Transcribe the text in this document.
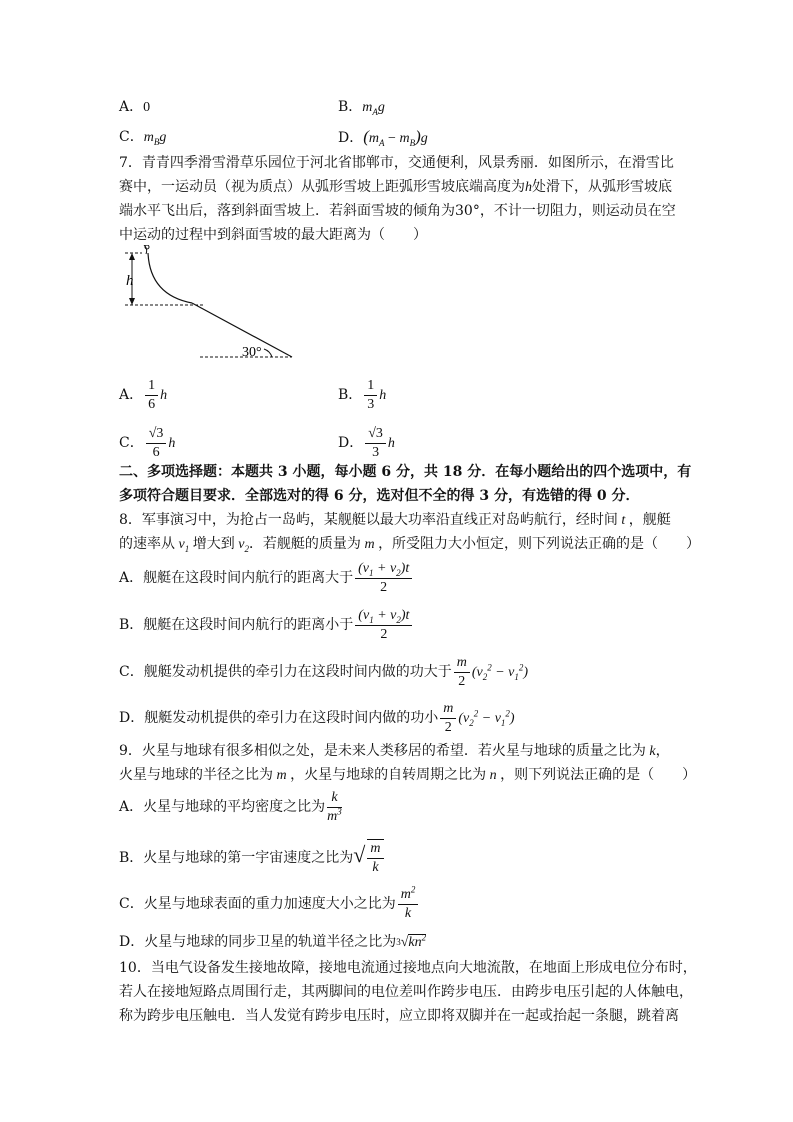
A．0	B．$m_Ag$
C．$m_Bg$	D．$(m_A - m_B)g$
7．青青四季滑雪滑草乐园位于河北省邯郸市，交通便利，风景秀丽．如图所示，在滑雪比
赛中，一运动员（视为质点）从弧形雪坡上距弧形雪坡底端高度为h处滑下，从弧形雪坡底
端水平飞出后，落到斜面雪坡上．若斜面雪坡的倾角为30°，不计一切阻力，则运动员在空
中运动的过程中到斜面雪坡的最大距离为（　　）
h
30°
A． $\frac{1}{6}$ h	B． $\frac{1}{3}$ h
C． $\frac{√3}{6}$ h	D． $\frac{√3}{3}$ h
二、多项选择题：本题共 3 小题，每小题 6 分，共 18 分．在每小题给出的四个选项中，有
多项符合题目要求．全部选对的得 6 分，选对但不全的得 3 分，有选错的得 0 分．
8．军事演习中，为抢占一岛屿，某舰艇以最大功率沿直线正对岛屿航行，经时间 t ，舰艇
的速率从 $v_1$ 增大到 $v_2$．若舰艇的质量为 m ，所受阻力大小恒定，则下列说法正确的是（　　）
A．舰艇在这段时间内航行的距离大于 $\frac{(v_1 + v_2)t}{2}$
B．舰艇在这段时间内航行的距离小于 $\frac{(v_1 + v_2)t}{2}$
C．舰艇发动机提供的牵引力在这段时间内做的功大于 $\frac{m}{2} (v_2^2 - v_1^2)$
D．舰艇发动机提供的牵引力在这段时间内做的功小 $\frac{m}{2} (v_2^2 - v_1^2)$
9．火星与地球有很多相似之处，是未来人类移居的希望．若火星与地球的质量之比为 k，
火星与地球的半径之比为 m ，火星与地球的自转周期之比为 n ，则下列说法正确的是（　　）
A．火星与地球的平均密度之比为 $\frac{k}{m^3}$
B．火星与地球的第一宇宙速度之比为√ $\frac{m}{k}$
C．火星与地球表面的重力加速度大小之比为 $\frac{m^2}{k}$
D．火星与地球的同步卫星的轨道半径之比为$^3√kn^2$
10．当电气设备发生接地故障，接地电流通过接地点向大地流散，在地面上形成电位分布时，
若人在接地短路点周围行走，其两脚间的电位差叫作跨步电压．由跨步电压引起的人体触电，
称为跨步电压触电．当人发觉有跨步电压时，应立即将双脚并在一起或抬起一条腿，跳着离
